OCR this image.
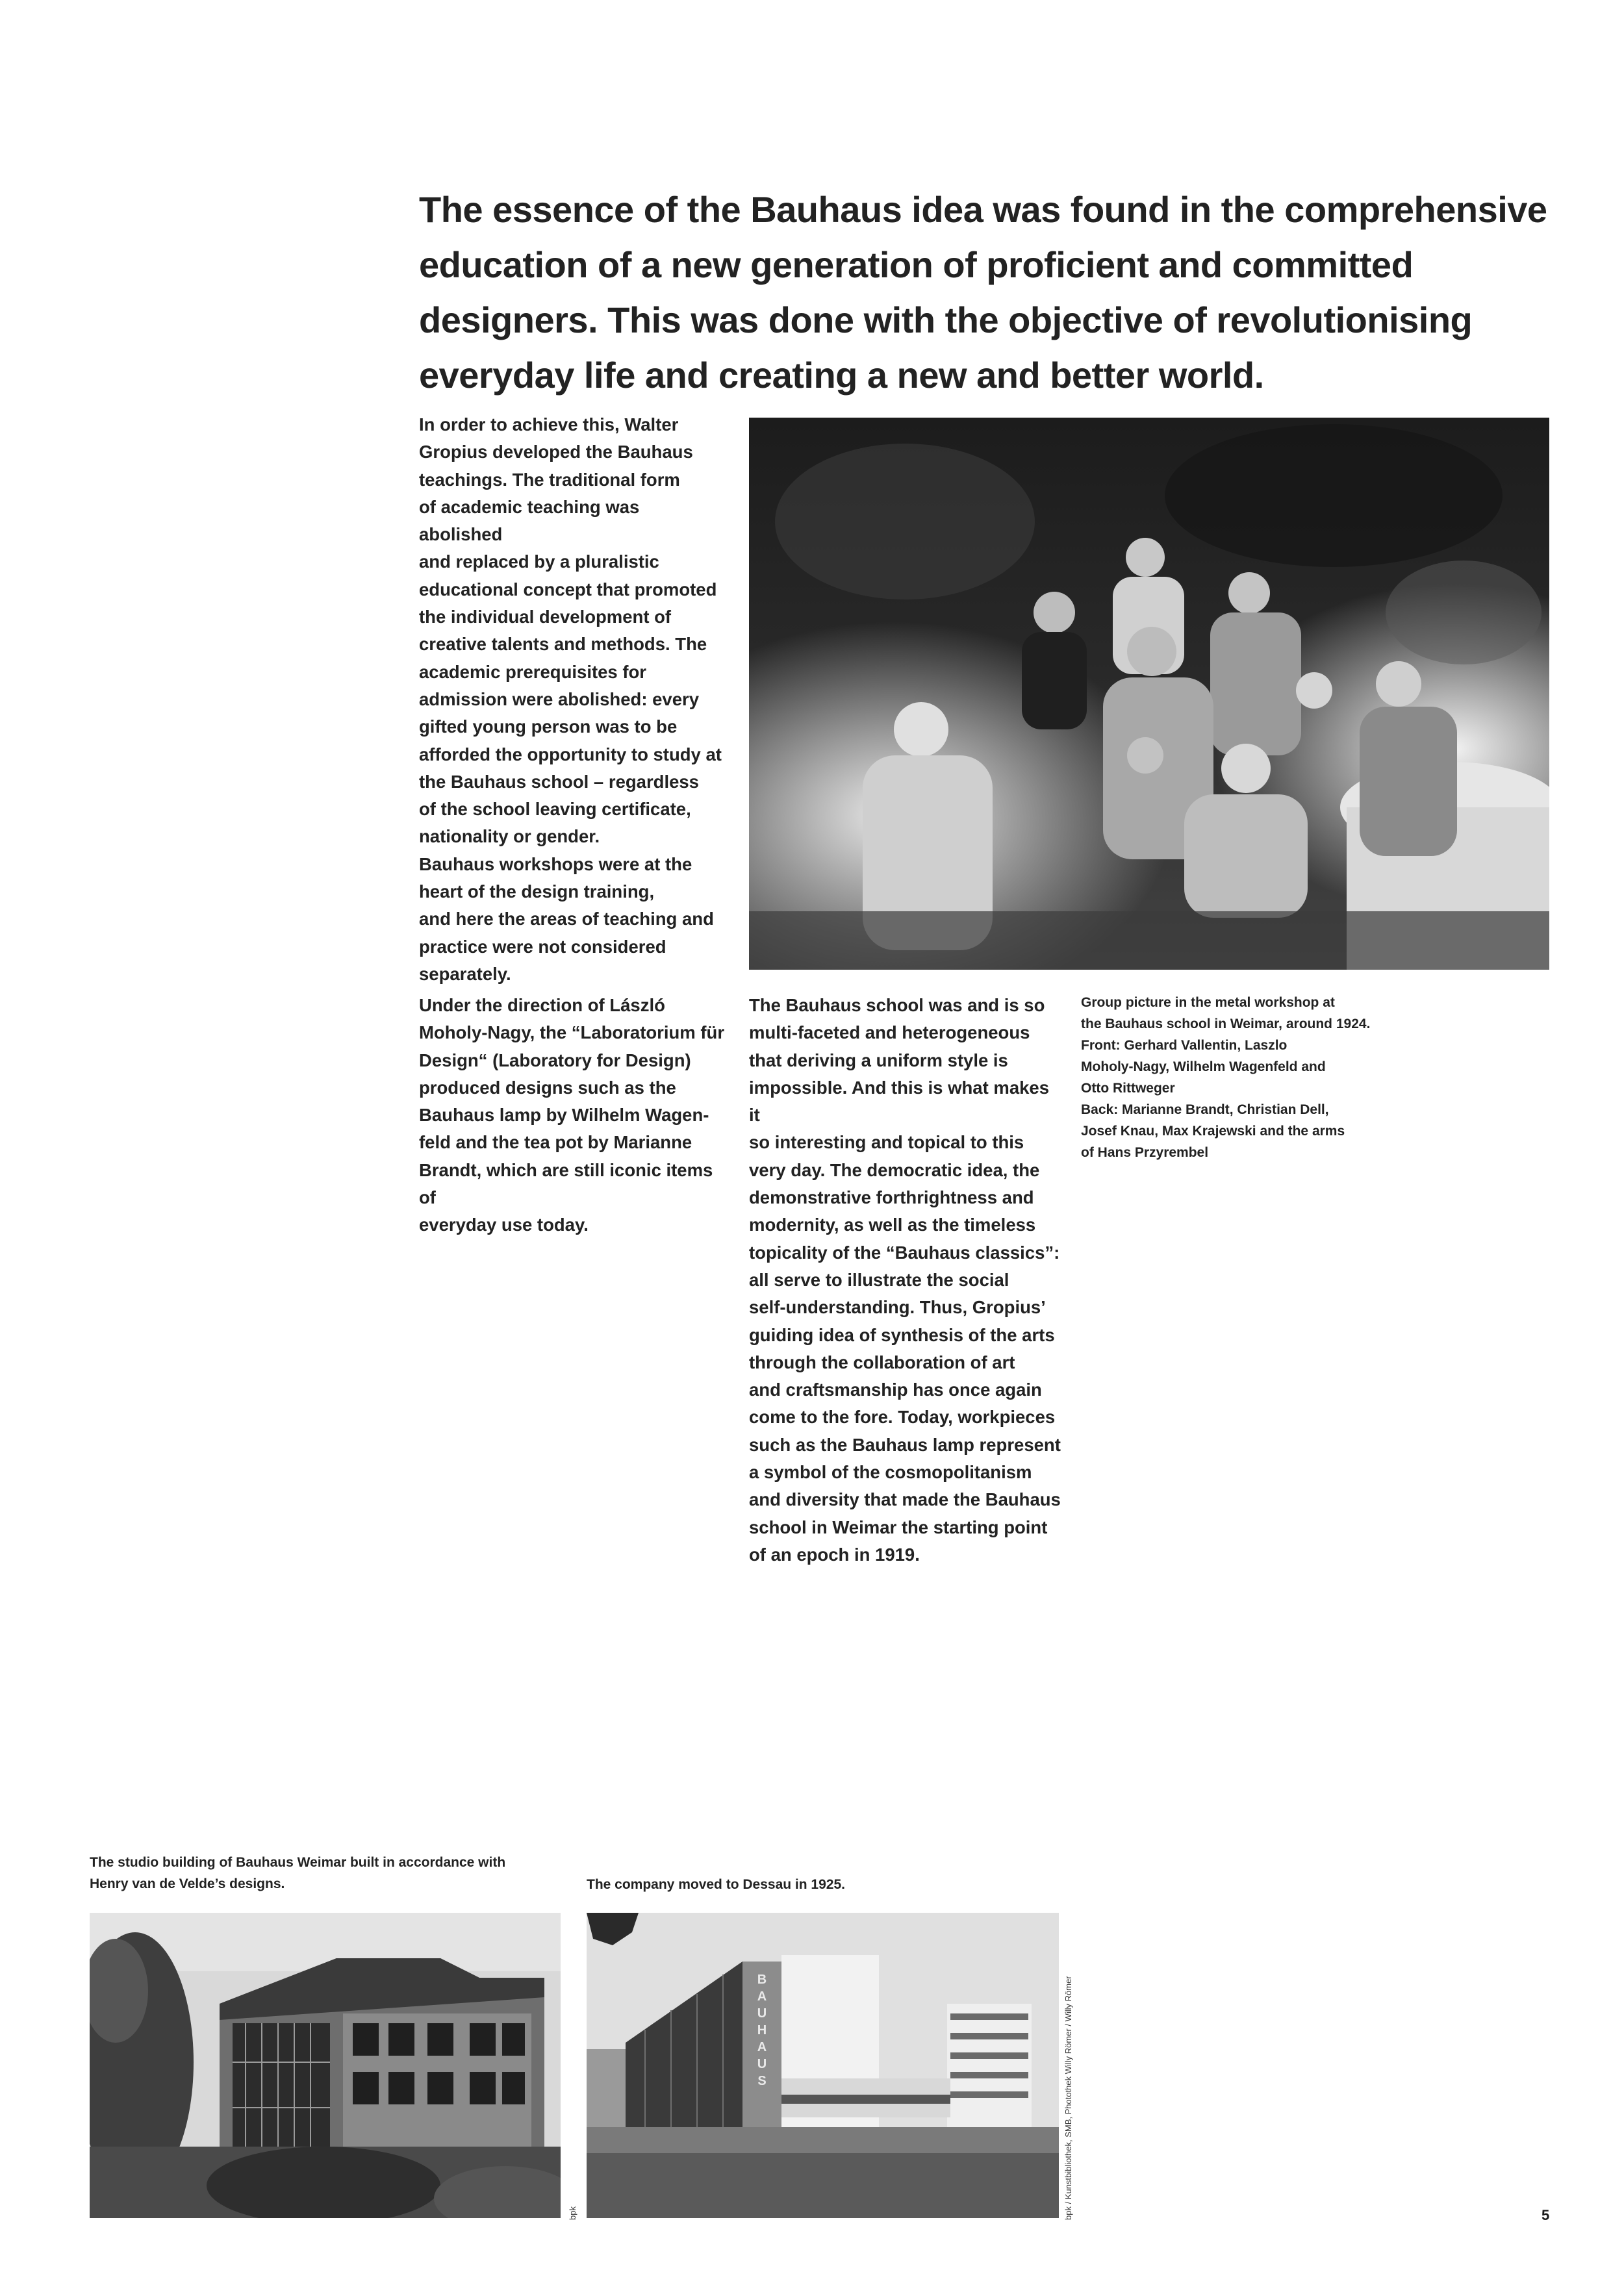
The essence of the Bauhaus idea was found in the comprehensive education of a new generation of proficient and committed designers. This was done with the objective of revolutionising everyday life and creating a new and better world.
In order to achieve this, Walter
Gropius developed the Bauhaus
teachings. The traditional form
of academic teaching was abolished
and replaced by a pluralistic
educational concept that promoted
the individual development of
creative talents and methods. The
academic prerequisites for
admission were abolished: every
gifted young person was to be
afforded the opportunity to study at
the Bauhaus school – regardless
of the school leaving certificate,
nationality or gender.
Bauhaus workshops were at the
heart of the design training,
and here the areas of teaching and
practice were not considered
separately.
Under the direction of László
Moholy-Nagy, the “Laboratorium für
Design“ (Laboratory for Design)
produced designs such as the
Bauhaus lamp by Wilhelm Wagen-
feld and the tea pot by Marianne
Brandt, which are still iconic items of
everyday use today.
The Bauhaus school was and is so
multi-faceted and heterogeneous
that deriving a uniform style is
impossible. And this is what makes it
so interesting and topical to this
very day. The democratic idea, the
demonstrative forthrightness and
modernity, as well as the timeless
topicality of the “Bauhaus classics”:
all serve to illustrate the social
self-understanding. Thus, Gropius’
guiding idea of synthesis of the arts
through the collaboration of art
and craftsmanship has once again
come to the fore. Today, workpieces
such as the Bauhaus lamp represent
a symbol of the cosmopolitanism
and diversity that made the Bauhaus
school in Weimar the starting point
of an epoch in 1919.
Group picture in the metal workshop at
the Bauhaus school in Weimar, around 1924.
Front: Gerhard Vallentin, Laszlo
Moholy-Nagy, Wilhelm Wagenfeld and
Otto Rittweger
Back: Marianne Brandt, Christian Dell,
Josef Knau, Max Krajewski and the arms
of Hans Przyrembel
The studio building of Bauhaus Weimar built in accordance with
Henry van de Velde’s designs.	The company moved to Dessau in 1925.
bpk
B
A
U
H
A
U
S	bpk / Kunstbibliothek, SMB, Photothek Willy Römer / Willy Römer	5
